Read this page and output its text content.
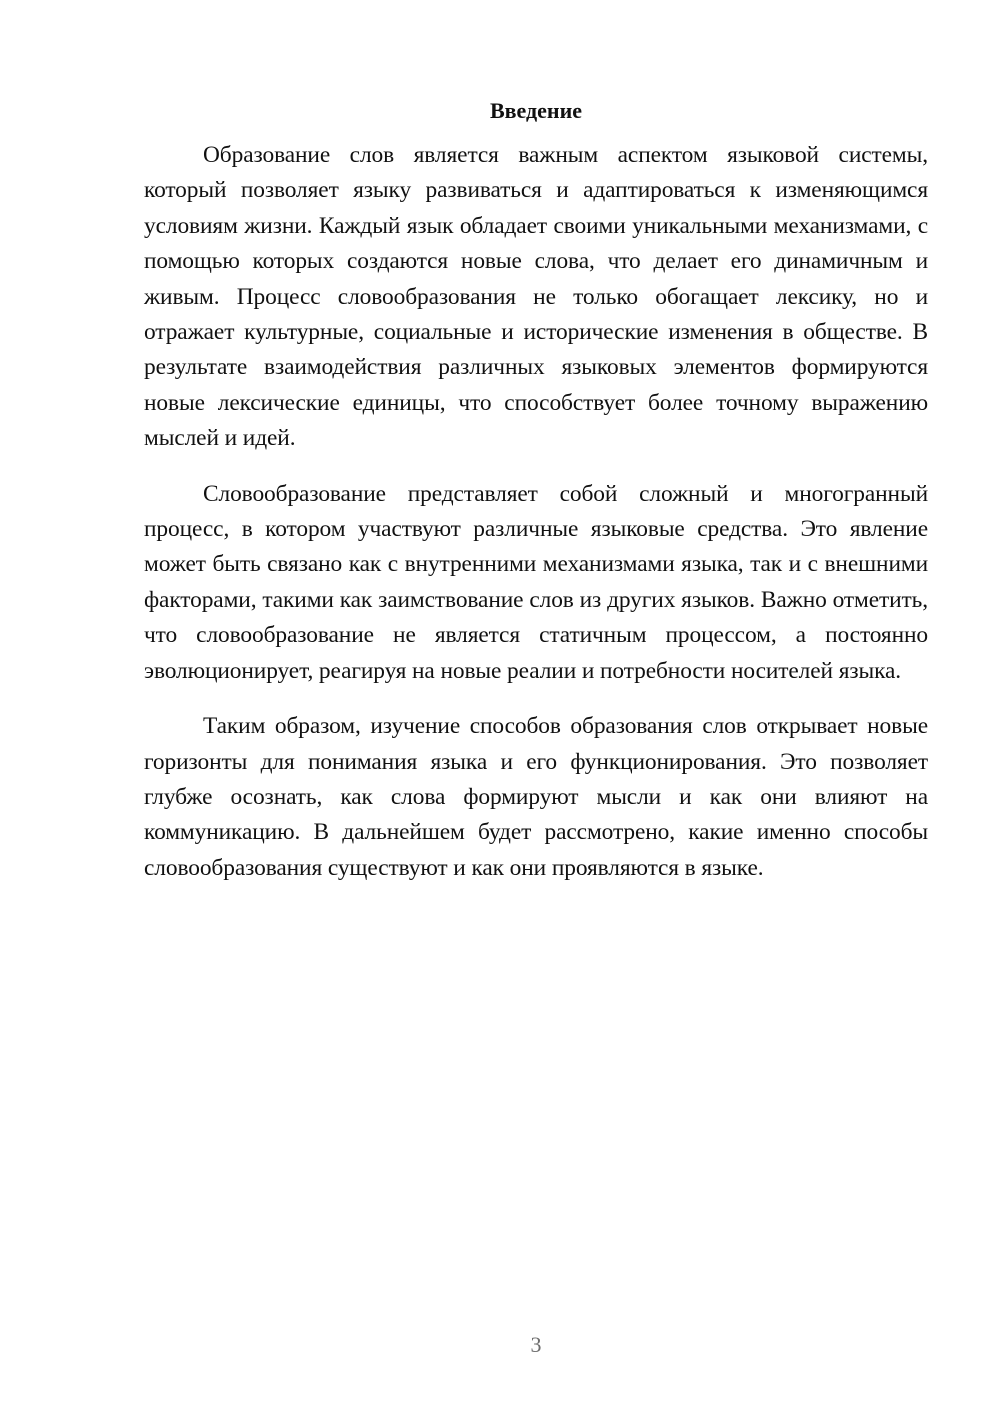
Введение

Образование слов является важным аспектом языковой системы, который позволяет языку развиваться и адаптироваться к изменяющимся условиям жизни. Каждый язык обладает своими уникальными механизмами, с помощью которых создаются новые слова, что делает его динамичным и живым. Процесс словообразования не только обогащает лексику, но и отражает культурные, социальные и исторические изменения в обществе. В результате взаимодействия различных языковых элементов формируются новые лексические единицы, что способствует более точному выражению мыслей и идей.

Словообразование представляет собой сложный и многогранный процесс, в котором участвуют различные языковые средства. Это явление может быть связано как с внутренними механизмами языка, так и с внешними факторами, такими как заимствование слов из других языков. Важно отметить, что словообразование не является статичным процессом, а постоянно эволюционирует, реагируя на новые реалии и потребности носителей языка.

Таким образом, изучение способов образования слов открывает новые горизонты для понимания языка и его функционирования. Это позволяет глубже осознать, как слова формируют мысли и как они влияют на коммуникацию. В дальнейшем будет рассмотрено, какие именно способы словообразования существуют и как они проявляются в языке.

3
